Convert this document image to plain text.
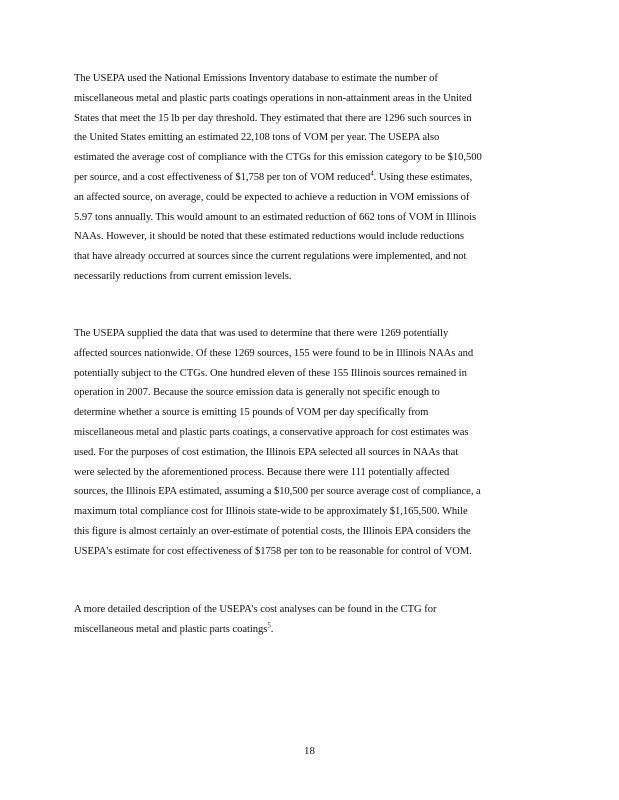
The USEPA used the National Emissions Inventory database to estimate the number of
miscellaneous metal and plastic parts coatings operations in non-attainment areas in the United
States that meet the 15 lb per day threshold. They estimated that there are 1296 such sources in
the United States emitting an estimated 22,108 tons of VOM per year. The USEPA also
estimated the average cost of compliance with the CTGs for this emission category to be $10,500
per source, and a cost effectiveness of $1,758 per ton of VOM reduced$^4$. Using these estimates,
an affected source, on average, could be expected to achieve a reduction in VOM emissions of
5.97 tons annually. This would amount to an estimated reduction of 662 tons of VOM in Illinois
NAAs. However, it should be noted that these estimated reductions would include reductions
that have already occurred at sources since the current regulations were implemented, and not
necessarily reductions from current emission levels.

The USEPA supplied the data that was used to determine that there were 1269 potentially
affected sources nationwide. Of these 1269 sources, 155 were found to be in Illinois NAAs and
potentially subject to the CTGs. One hundred eleven of these 155 Illinois sources remained in
operation in 2007. Because the source emission data is generally not specific enough to
determine whether a source is emitting 15 pounds of VOM per day specifically from
miscellaneous metal and plastic parts coatings, a conservative approach for cost estimates was
used. For the purposes of cost estimation, the Illinois EPA selected all sources in NAAs that
were selected by the aforementioned process. Because there were 111 potentially affected
sources, the Illinois EPA estimated, assuming a $10,500 per source average cost of compliance, a
maximum total compliance cost for Illinois state-wide to be approximately $1,165,500. While
this figure is almost certainly an over-estimate of potential costs, the Illinois EPA considers the
USEPA's estimate for cost effectiveness of $1758 per ton to be reasonable for control of VOM.

A more detailed description of the USEPA's cost analyses can be found in the CTG for
miscellaneous metal and plastic parts coatings$^5$.

18
